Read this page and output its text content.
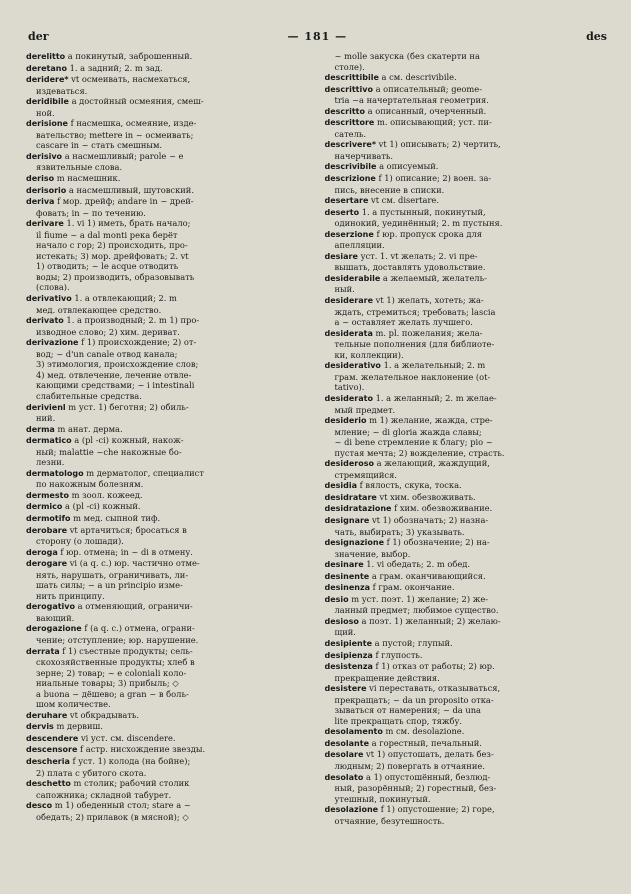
der	— 181 —	des

derelitto a покинутый, заброшенный.

deretano 1. a задний; 2. m зад.

deridere* vt осмеивать, насмехаться,

издеваться.

deridibile a достойный осмеяния, смеш-

ной.

derisione f насмешка, осмеяние, изде-

вательство; mettere in ~ осмеивать;

cascare in ~ стать смешным.

derisivo a насмешливый; parole ~ е

язвительные слова.

deriso m насмешник.

derisorio a насмешливый, шутовский.

deriva f мор. дрейф; andare in ~ дрей-

фовать; in ~ по течению.

derivare 1. vi 1) иметь, брать начало;

il fiume ~ a dal monti река берёт

начало с гор; 2) происходить, про-

истекать; 3) мор. дрейфовать; 2. vt

1) отводить; ~ le acque отводить

воды; 2) производить, образовывать

(слова).

derivativo 1. a отвлекающий; 2. m

мед. отвлекающее средство.

derivato 1. a производный; 2. m 1) про-

изводное слово; 2) хим. дериват.

derivazione f 1) происхождение; 2) от-

вод; ~ d'un canale отвод канала;

3) этимология, происхождение слов;

4) мед. отвлечение, лечение отвле-

кающими средствами; ~ i intestinali

слабительные средства.

derivienl m уст. 1) беготня; 2) обиль-

ний.

derma m анат. дерма.

dermatico a (pl -ci) кожный, накож-

ный; malattie ~che накожные бо-

лезни.

dermatologo m дерматолог, специалист

по накожным болезням.

dermesto m зоол. кожеед.

dermico a (pl -ci) кожный.

dermotifo m мед. сыпной тиф.

derobare vt артачиться; бросаться в

сторону (о лошади).

deroga f юр. отмена; in ~ di в отмену.

derogare vi (a q. c.) юр. частично отме-

нять, нарушать, ограничивать, ли-

шать силы; ~ a un principio изме-

нить принципу.

derogativo a отменяющий, ограничи-

вающий.

derogazione f (a q. c.) отмена, ограни-

чение; отступление; юр. нарушение.

derrata f 1) съестные продукты; сель-

скохозяйственные продукты; хлеб в

зерне; 2) товар; ~ e coloniali коло-

ниальные товары; 3) прибыль; ◇

a buona ~ дёшево; a gran ~ в боль-

шом количестве.

deruhare vt обкрадывать.

dervis m дервиш.

descendere vi уст. см. discendere.

descensore f астр. нисхождение звезды.

descheria f уст. 1) колода (на бойне);

2) плата с убитого скота.

deschetto m столик; рабочий столик

сапожника; складной табурет.

desco m 1) обеденный стол; stare a ~

обедать; 2) прилавок (в мясной); ◇

~ molle закуска (без скатерти на

столе).

descrittibile a см. descrivibile.

descrittivo a описательный; geome-

tria ~a начертательная геометрия.

descritto a описанный, очерченный.

descrittore m. описывающий; уст. пи-

сатель.

descrivere* vt 1) описывать; 2) чертить,

начерчивать.

descrivibile a описуемый.

descrizione f 1) описание; 2) воен. за-

пись, внесение в списки.

desertare vt см. disertare.

deserto 1. a пустынный, покинутый,

одинокий, уединённый; 2. m пустыня.

deserzione f юр. пропуск срока для

апелляции.

desiare уст. 1. vt желать; 2. vi пре-

вышать, доставлять удовольствие.

desiderabile a желаемый, желатель-

ный.

desiderare vt 1) желать, хотеть; жа-

ждать, стремиться; требовать; lascia

a ~ оставляет желать лучшего.

desiderata m. pl. пожелания; жела-

тельные пополнения (для библиоте-

ки, коллекции).

desiderativo 1. a желательный; 2. m

грам. желательное наклонение (ot-

tativo).

desiderato 1. a желанный; 2. m желае-

мый предмет.

desiderio m 1) желание, жажда, стре-

мление; ~ di gloria жажда славы;

~ di bene стремление к благу; pio ~

пустая мечта; 2) вожделение, страсть.

desideroso a желающий, жаждущий,

стремящийся.

desidia f вялость, скука, тоска.

desidratare vt хим. обезвоживать.

desidratazione f хим. обезвоживание.

designare vt 1) обозначать; 2) назна-

чать, выбирать; 3) указывать.

designazione f 1) обозначение; 2) на-

значение, выбор.

desinare 1. vi обедать; 2. m обед.

desinente a грам. оканчивающийся.

desinenza f грам. окончание.

desio m уст. поэт. 1) желание; 2) же-

ланный предмет; любимое существо.

desioso a поэт. 1) желанный; 2) желаю-

щий.

desipiente a пустой; глупый.

desipienza f глупость.

desistenza f 1) отказ от работы; 2) юр.

прекращение действия.

desistere vi переставать, отказываться,

прекращать; ~ da un proposito отка-

зываться от намерения; ~ da una

lite прекращать спор, тяжбу.

desolamento m см. desolazione.

desolante a горестный, печальный.

desolare vt 1) опустошать, делать без-

людным; 2) повергать в отчаяние.

desolato a 1) опустошённый, безлюд-

ный, разорённый; 2) горестный, без-

утешный, покинутый.

desolazione f 1) опустошение; 2) горе,

отчаяние, безутешность.
